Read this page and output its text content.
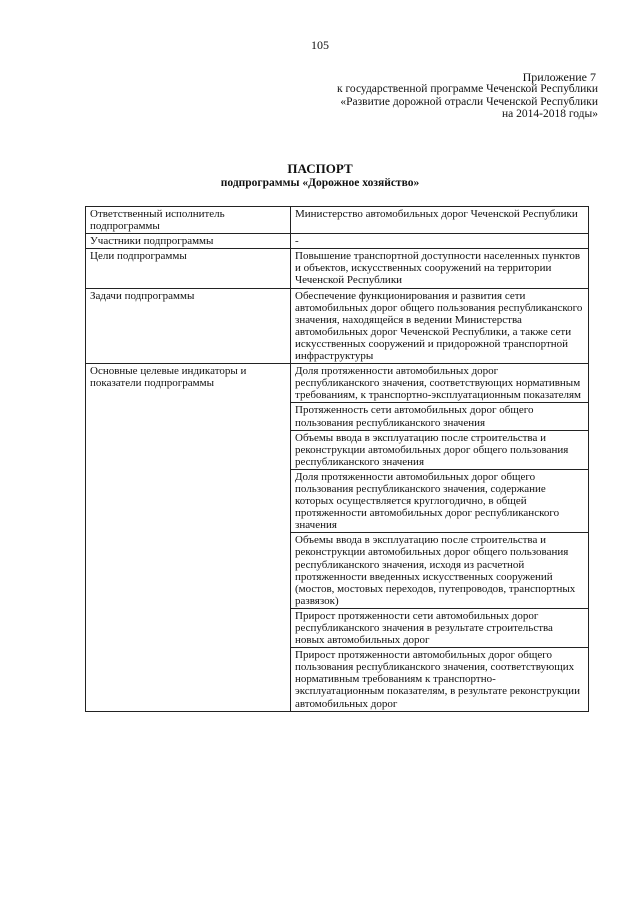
105
Приложение 7
к государственной программе Чеченской Республики
«Развитие дорожной отрасли Чеченской Республики
на 2014-2018 годы»
ПАСПОРТ
подпрограммы «Дорожное хозяйство»
Ответственный исполнитель подпрограммы	Министерство автомобильных дорог Чеченской Республики
Участники подпрограммы	-
Цели подпрограммы	Повышение транспортной доступности населенных пунктов и объектов, искусственных сооружений на территории Чеченской Республики
Задачи подпрограммы	Обеспечение функционирования и развития сети автомобильных дорог общего пользования республиканского значения, находящейся в ведении Министерства автомобильных дорог Чеченской Республики, а также сети искусственных сооружений и придорожной транспортной инфраструктуры
Основные целевые индикаторы и показатели подпрограммы	Доля протяженности автомобильных дорог республиканского значения, соответствующих нормативным требованиям, к транспортно-эксплуатационным показателям
	Протяженность сети автомобильных дорог общего пользования республиканского значения
	Объемы ввода в эксплуатацию после строительства и реконструкции автомобильных дорог общего пользования республиканского значения
	Доля протяженности автомобильных дорог общего пользования республиканского значения, содержание которых осуществляется круглогодично, в общей протяженности автомобильных дорог республиканского значения
	Объемы ввода в эксплуатацию после строительства и реконструкции автомобильных дорог общего пользования республиканского значения, исходя из расчетной протяженности введенных искусственных сооружений (мостов, мостовых переходов, путепроводов, транспортных развязок)
	Прирост протяженности сети автомобильных дорог республиканского значения в результате строительства новых автомобильных дорог
	Прирост протяженности автомобильных дорог общего пользования республиканского значения, соответствующих нормативным требованиям к транспортно-эксплуатационным показателям, в результате реконструкции автомобильных дорог
